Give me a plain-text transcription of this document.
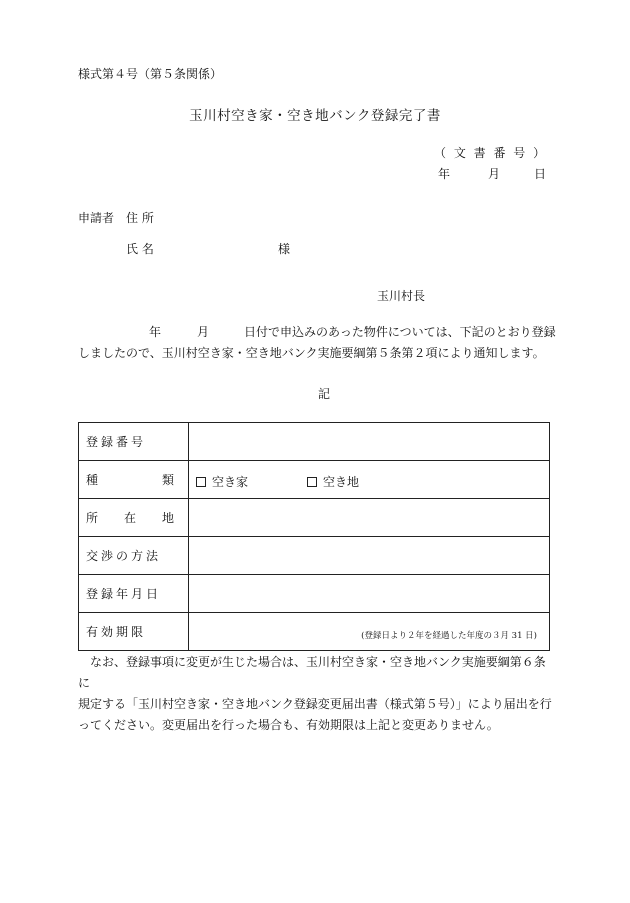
様式第４号（第５条関係）
玉川村空き家・空き地バンク登録完了書
（ 文 書 番 号 ）
年	月	日
申請者 住 所
氏 名	様
玉川村長
年	月	日付で申込みのあった物件については、下記のとおり登録
しましたので、玉川村空き家・空き地バンク実施要綱第５条第２項により通知します。
記
登録番号	

種 類	空き家 空き地

所 在 地	

交渉の方法	
登録年月日	
有効期限	(登録日より２年を経過した年度の３月 31 日)
　なお、登録事項に変更が生じた場合は、玉川村空き家・空き地バンク実施要綱第６条に
規定する「玉川村空き家・空き地バンク登録変更届出書（様式第５号）」により届出を行
ってください。変更届出を行った場合も、有効期限は上記と変更ありません。
